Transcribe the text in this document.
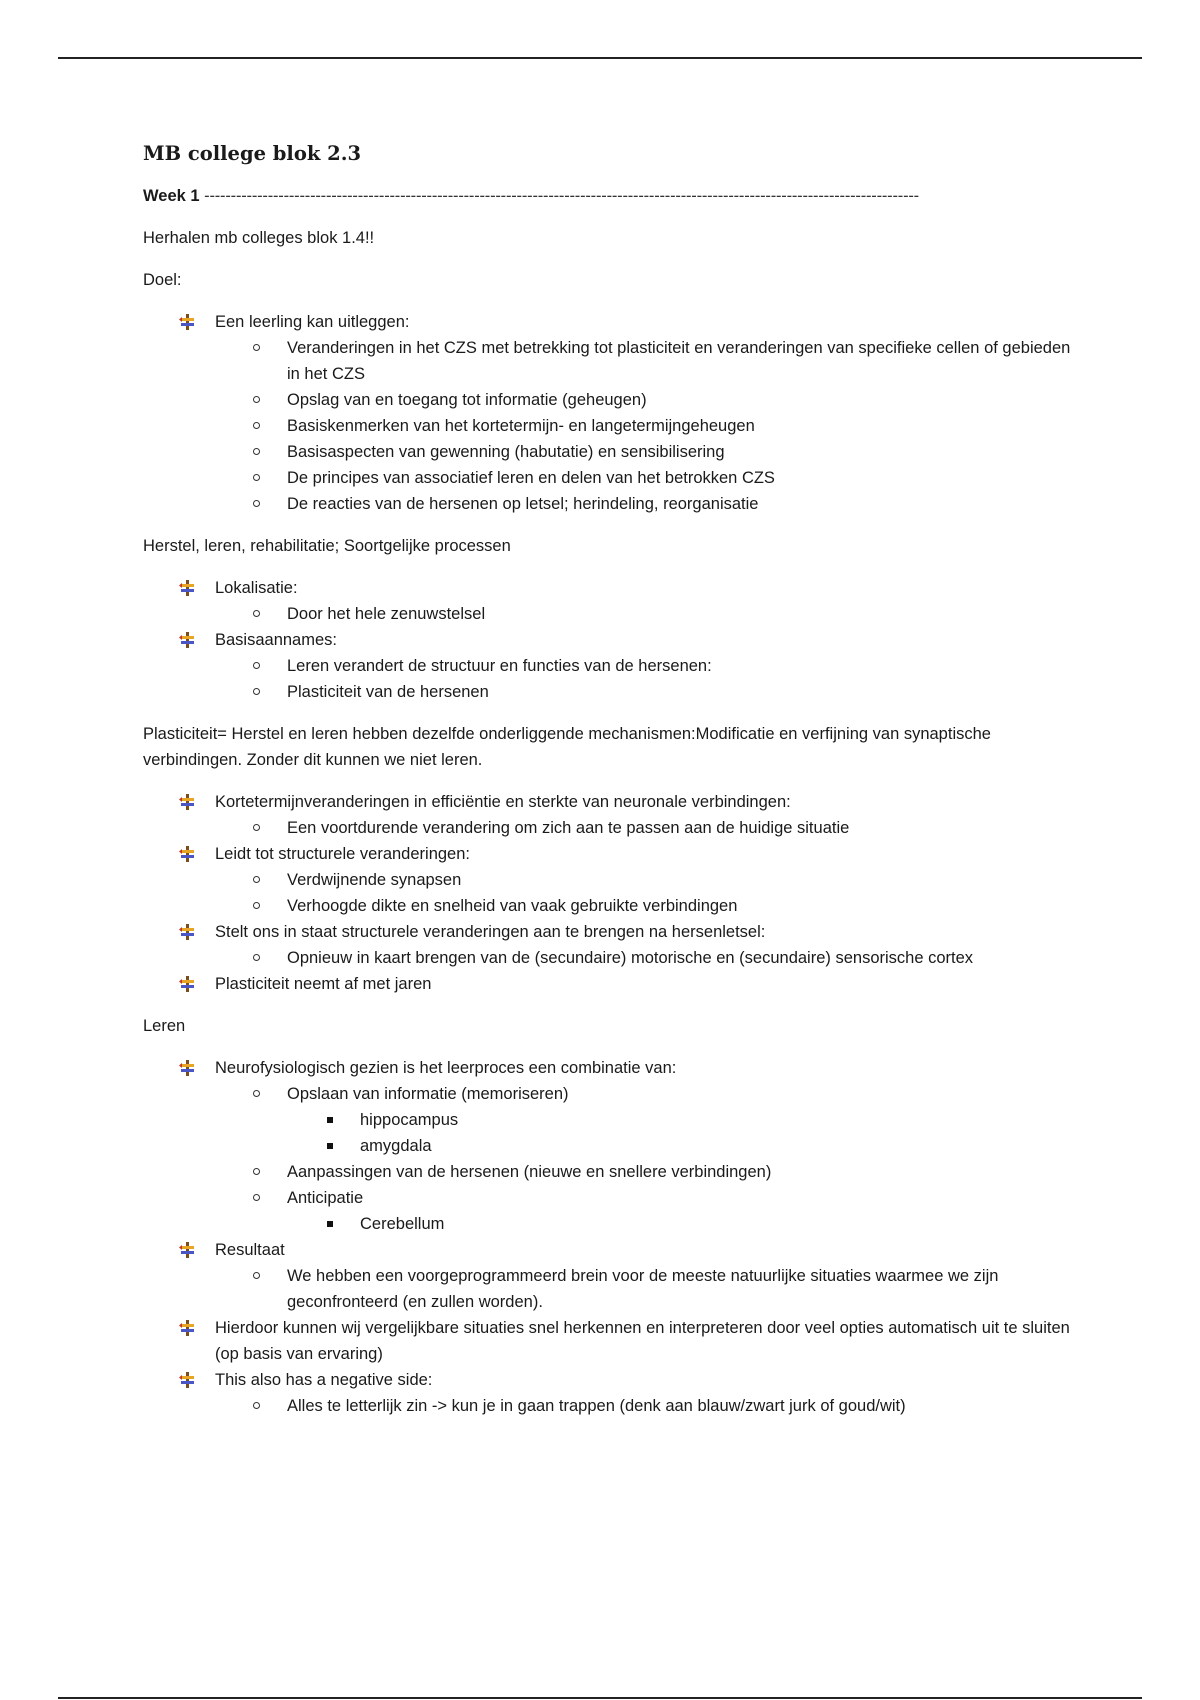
MB college blok 2.3
Week 1 ---------------------------------------------------------------------------------------------------------------------------------------

Herhalen mb colleges blok 1.4!!

Doel:

Een leerling kan uitleggen:
Veranderingen in het CZS met betrekking tot plasticiteit en veranderingen van specifieke cellen of gebieden in het CZS
Opslag van en toegang tot informatie (geheugen)
Basiskenmerken van het kortetermijn- en langetermijngeheugen
Basisaspecten van gewenning (habutatie) en sensibilisering
De principes van associatief leren en delen van het betrokken CZS
De reacties van de hersenen op letsel; herindeling, reorganisatie

Herstel, leren, rehabilitatie; Soortgelijke processen

Lokalisatie:
Door het hele zenuwstelsel
Basisaannames:
Leren verandert de structuur en functies van de hersenen:
Plasticiteit van de hersenen

Plasticiteit= Herstel en leren hebben dezelfde onderliggende mechanismen:Modificatie en verfijning van synaptische verbindingen. Zonder dit kunnen we niet leren.

Kortetermijnveranderingen in efficiëntie en sterkte van neuronale verbindingen:
Een voortdurende verandering om zich aan te passen aan de huidige situatie
Leidt tot structurele veranderingen:
Verdwijnende synapsen
Verhoogde dikte en snelheid van vaak gebruikte verbindingen
Stelt ons in staat structurele veranderingen aan te brengen na hersenletsel:
Opnieuw in kaart brengen van de (secundaire) motorische en (secundaire) sensorische cortex
Plasticiteit neemt af met jaren

Leren

Neurofysiologisch gezien is het leerproces een combinatie van:
Opslaan van informatie (memoriseren)
hippocampus
amygdala
Aanpassingen van de hersenen (nieuwe en snellere verbindingen)
Anticipatie
Cerebellum
Resultaat
We hebben een voorgeprogrammeerd brein voor de meeste natuurlijke situaties waarmee we zijn geconfronteerd (en zullen worden).
Hierdoor kunnen wij vergelijkbare situaties snel herkennen en interpreteren door veel opties automatisch uit te sluiten (op basis van ervaring)
This also has a negative side:
Alles te letterlijk zin -> kun je in gaan trappen (denk aan blauw/zwart jurk of goud/wit)
